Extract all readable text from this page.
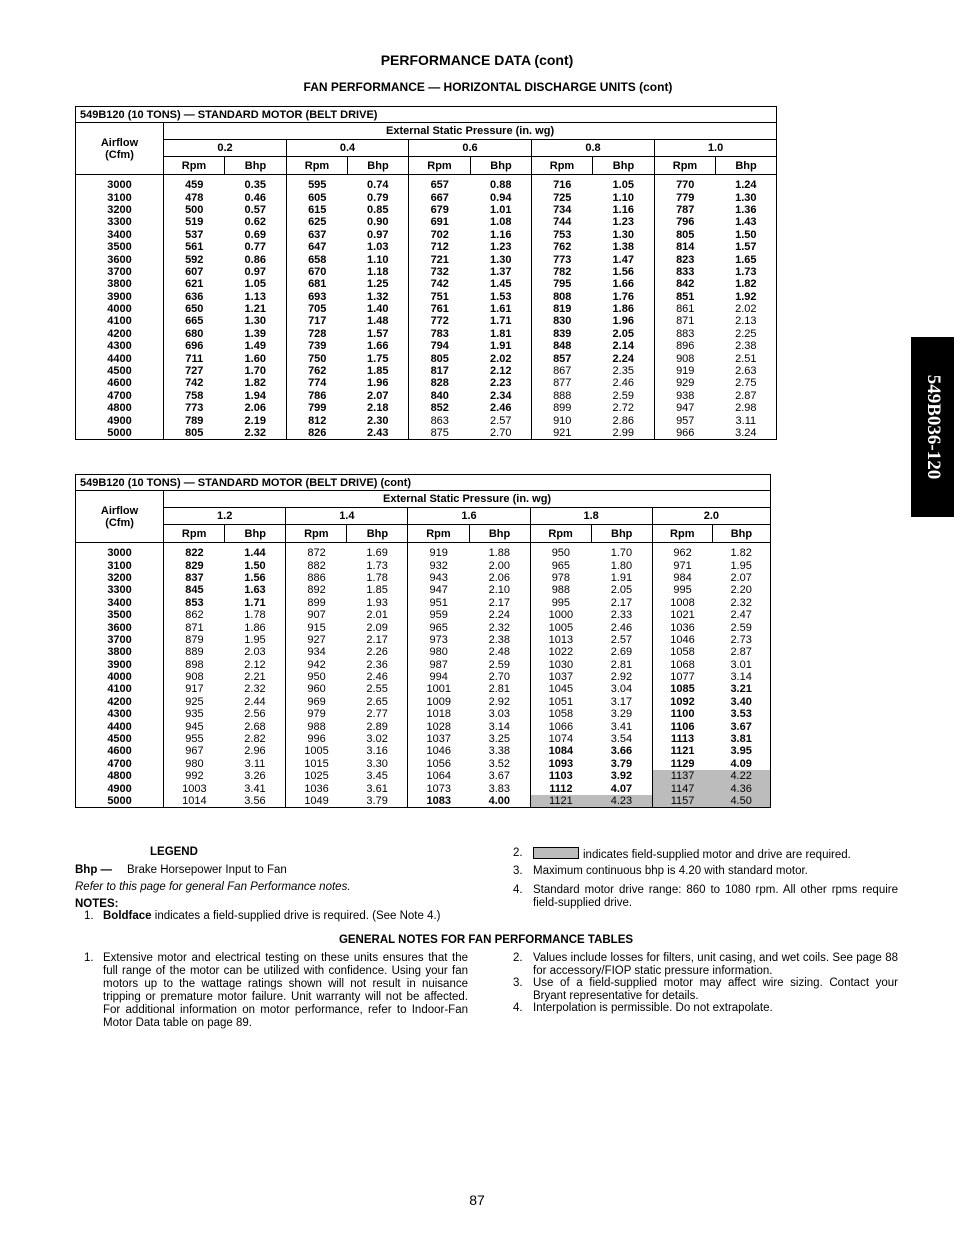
PERFORMANCE DATA (cont)
FAN PERFORMANCE — HORIZONTAL DISCHARGE UNITS (cont)
549B036-120
549B120 (10 TONS) — STANDARD MOTOR (BELT DRIVE)										
Airflow
(Cfm)	External Static Pressure (in. wg)									
	0.2		0.4		0.6		0.8		1.0	
	Rpm	Bhp	Rpm	Bhp	Rpm	Bhp	Rpm	Bhp	Rpm	Bhp
3000	459	0.35	595	0.74	657	0.88	716	1.05	770	1.24
3100	478	0.46	605	0.79	667	0.94	725	1.10	779	1.30
3200	500	0.57	615	0.85	679	1.01	734	1.16	787	1.36
3300	519	0.62	625	0.90	691	1.08	744	1.23	796	1.43
3400	537	0.69	637	0.97	702	1.16	753	1.30	805	1.50
3500	561	0.77	647	1.03	712	1.23	762	1.38	814	1.57
3600	592	0.86	658	1.10	721	1.30	773	1.47	823	1.65
3700	607	0.97	670	1.18	732	1.37	782	1.56	833	1.73
3800	621	1.05	681	1.25	742	1.45	795	1.66	842	1.82
3900	636	1.13	693	1.32	751	1.53	808	1.76	851	1.92
4000	650	1.21	705	1.40	761	1.61	819	1.86	861	2.02
4100	665	1.30	717	1.48	772	1.71	830	1.96	871	2.13
4200	680	1.39	728	1.57	783	1.81	839	2.05	883	2.25
4300	696	1.49	739	1.66	794	1.91	848	2.14	896	2.38
4400	711	1.60	750	1.75	805	2.02	857	2.24	908	2.51
4500	727	1.70	762	1.85	817	2.12	867	2.35	919	2.63
4600	742	1.82	774	1.96	828	2.23	877	2.46	929	2.75
4700	758	1.94	786	2.07	840	2.34	888	2.59	938	2.87
4800	773	2.06	799	2.18	852	2.46	899	2.72	947	2.98
4900	789	2.19	812	2.30	863	2.57	910	2.86	957	3.11
5000	805	2.32	826	2.43	875	2.70	921	2.99	966	3.24
549B120 (10 TONS) — STANDARD MOTOR (BELT DRIVE) (cont)										
Airflow
(Cfm)	External Static Pressure (in. wg)									
	1.2		1.4		1.6		1.8		2.0	
	Rpm	Bhp	Rpm	Bhp	Rpm	Bhp	Rpm	Bhp	Rpm	Bhp
3000	822	1.44	872	1.69	919	1.88	950	1.70	962	1.82
3100	829	1.50	882	1.73	932	2.00	965	1.80	971	1.95
3200	837	1.56	886	1.78	943	2.06	978	1.91	984	2.07
3300	845	1.63	892	1.85	947	2.10	988	2.05	995	2.20
3400	853	1.71	899	1.93	951	2.17	995	2.17	1008	2.32
3500	862	1.78	907	2.01	959	2.24	1000	2.33	1021	2.47
3600	871	1.86	915	2.09	965	2.32	1005	2.46	1036	2.59
3700	879	1.95	927	2.17	973	2.38	1013	2.57	1046	2.73
3800	889	2.03	934	2.26	980	2.48	1022	2.69	1058	2.87
3900	898	2.12	942	2.36	987	2.59	1030	2.81	1068	3.01
4000	908	2.21	950	2.46	994	2.70	1037	2.92	1077	3.14
4100	917	2.32	960	2.55	1001	2.81	1045	3.04	1085	3.21
4200	925	2.44	969	2.65	1009	2.92	1051	3.17	1092	3.40
4300	935	2.56	979	2.77	1018	3.03	1058	3.29	1100	3.53
4400	945	2.68	988	2.89	1028	3.14	1066	3.41	1106	3.67
4500	955	2.82	996	3.02	1037	3.25	1074	3.54	1113	3.81
4600	967	2.96	1005	3.16	1046	3.38	1084	3.66	1121	3.95
4700	980	3.11	1015	3.30	1056	3.52	1093	3.79	1129	4.09
4800	992	3.26	1025	3.45	1064	3.67	1103	3.92	1137	4.22
4900	1003	3.41	1036	3.61	1073	3.83	1112	4.07	1147	4.36
5000	1014	3.56	1049	3.79	1083	4.00	1121	4.23	1157	4.50
LEGEND
Bhp — Brake Horsepower Input to Fan
Refer to this page for general Fan Performance notes.
NOTES:
1. Boldface indicates a field-supplied drive is required. (See Note 4.)
2.	indicates field-supplied motor and drive are required.
3. Maximum continuous bhp is 4.20 with standard motor.
4. Standard motor drive range: 860 to 1080 rpm. All other rpms require field-supplied drive.
GENERAL NOTES FOR FAN PERFORMANCE TABLES
1. Extensive motor and electrical testing on these units ensures that the full range of the motor can be utilized with confidence. Using your fan motors up to the wattage ratings shown will not result in nuisance tripping or premature motor failure. Unit warranty will not be affected. For additional information on motor performance, refer to Indoor-Fan Motor Data table on page 89.
2. Values include losses for filters, unit casing, and wet coils. See page 88 for accessory/FIOP static pressure information.
3. Use of a field-supplied motor may affect wire sizing. Contact your Bryant representative for details.
4. Interpolation is permissible. Do not extrapolate.
87
